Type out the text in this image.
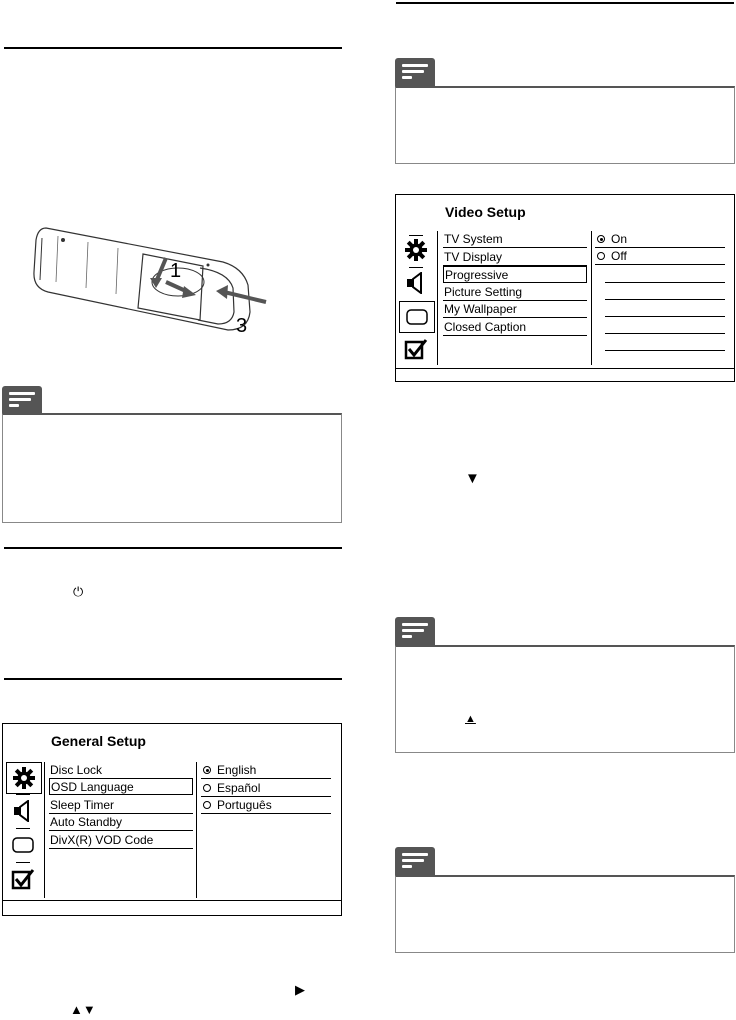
1
3
⏻
General Setup
Disc Lock
OSD Language
Sleep Timer
Auto Standby
DivX(R) VOD Code
English
Español
Português
▶
▲▼
Video Setup
TV System
TV Display
Progressive
Picture Setting
My Wallpaper
Closed Caption
On
Off
▼
▲
